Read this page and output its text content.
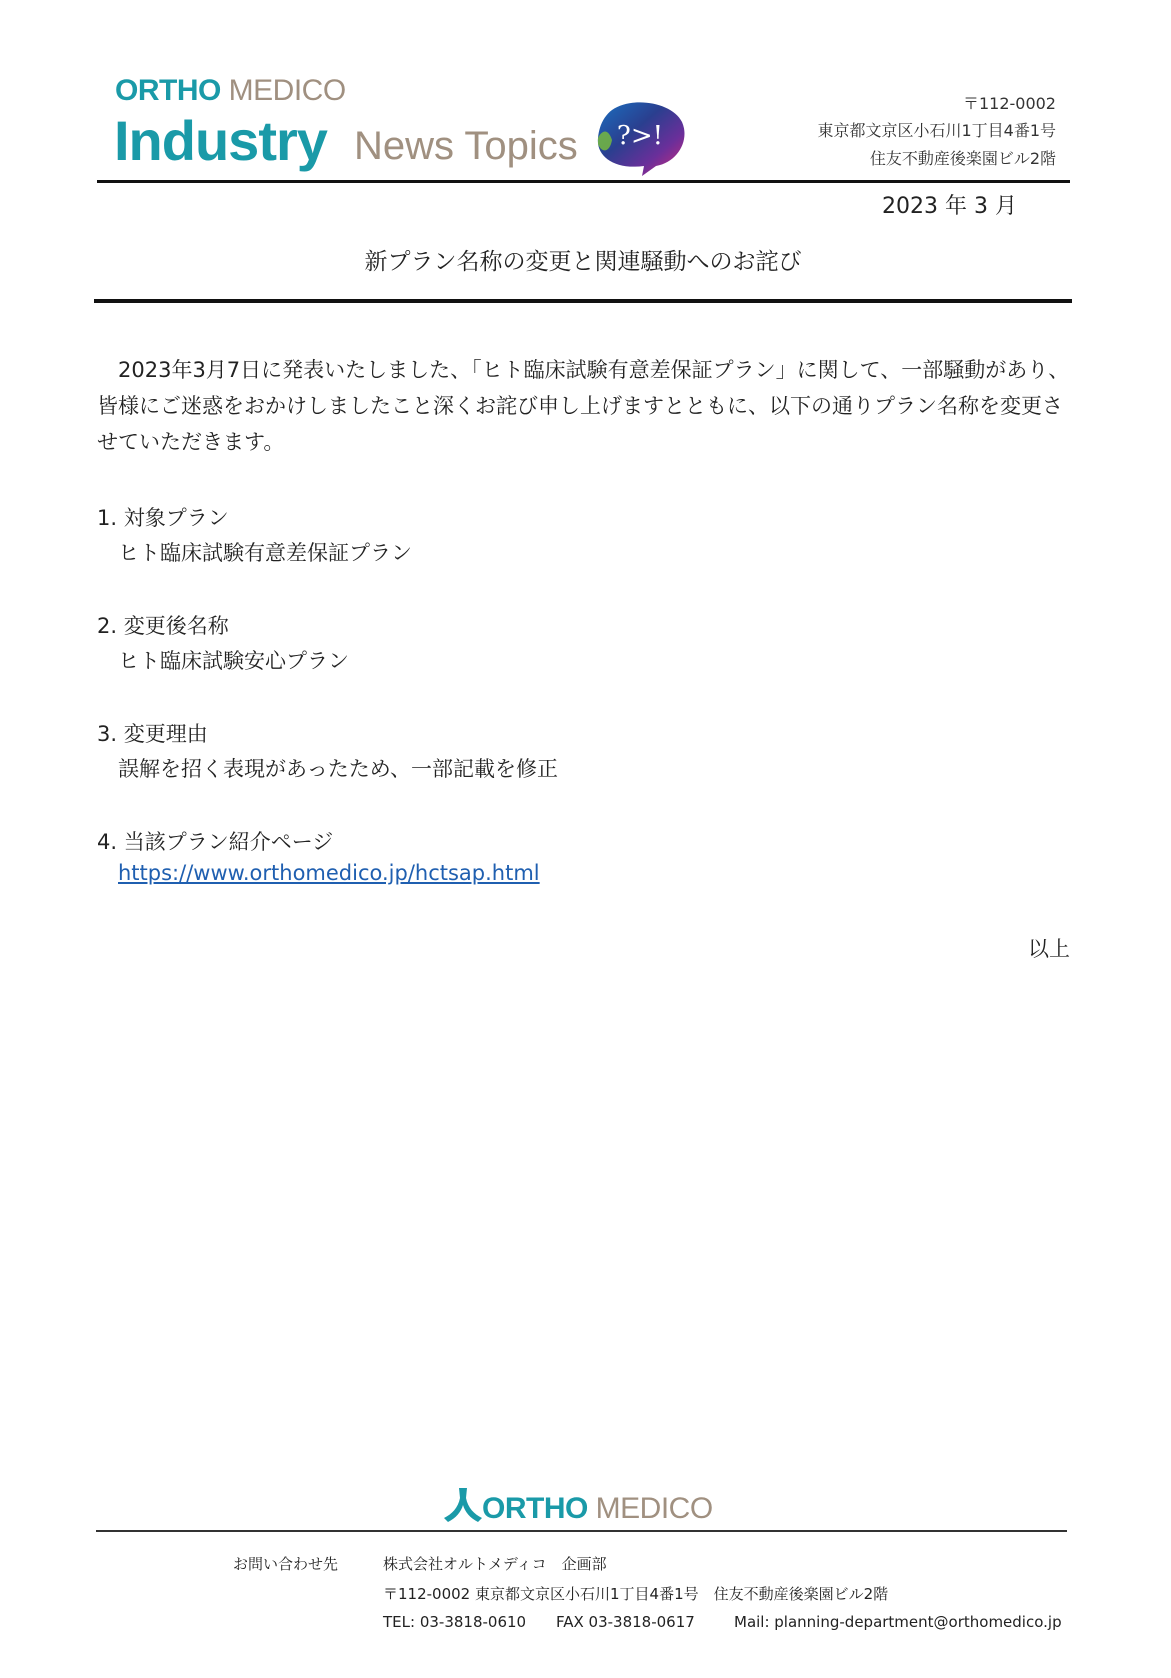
ORTHO MEDICO
Industry News Topics ?>!
〒112-0002
東京都文京区小石川1丁目4番1号
住友不動産後楽園ビル2階
2023 年 3 月
新プラン名称の変更と関連騒動へのお詫び
2023年3月7日に発表いたしました、「ヒト臨床試験有意差保証プラン」に関して、一部騒動があり、皆様にご迷惑をおかけしましたこと深くお詫び申し上げますとともに、以下の通りプラン名称を変更させていただきます。
1. 対象プラン
ヒト臨床試験有意差保証プラン
2. 変更後名称
ヒト臨床試験安心プラン
3. 変更理由
誤解を招く表現があったため、一部記載を修正
4. 当該プラン紹介ページ
https://www.orthomedico.jp/hctsap.html
以上
ORTHO MEDICO
お問い合わせ先	株式会社オルトメディコ　企画部
〒112-0002 東京都文京区小石川1丁目4番1号　住友不動産後楽園ビル2階
TEL: 03-3818-0610 FAX 03-3818-0617	Mail: planning-department@orthomedico.jp
